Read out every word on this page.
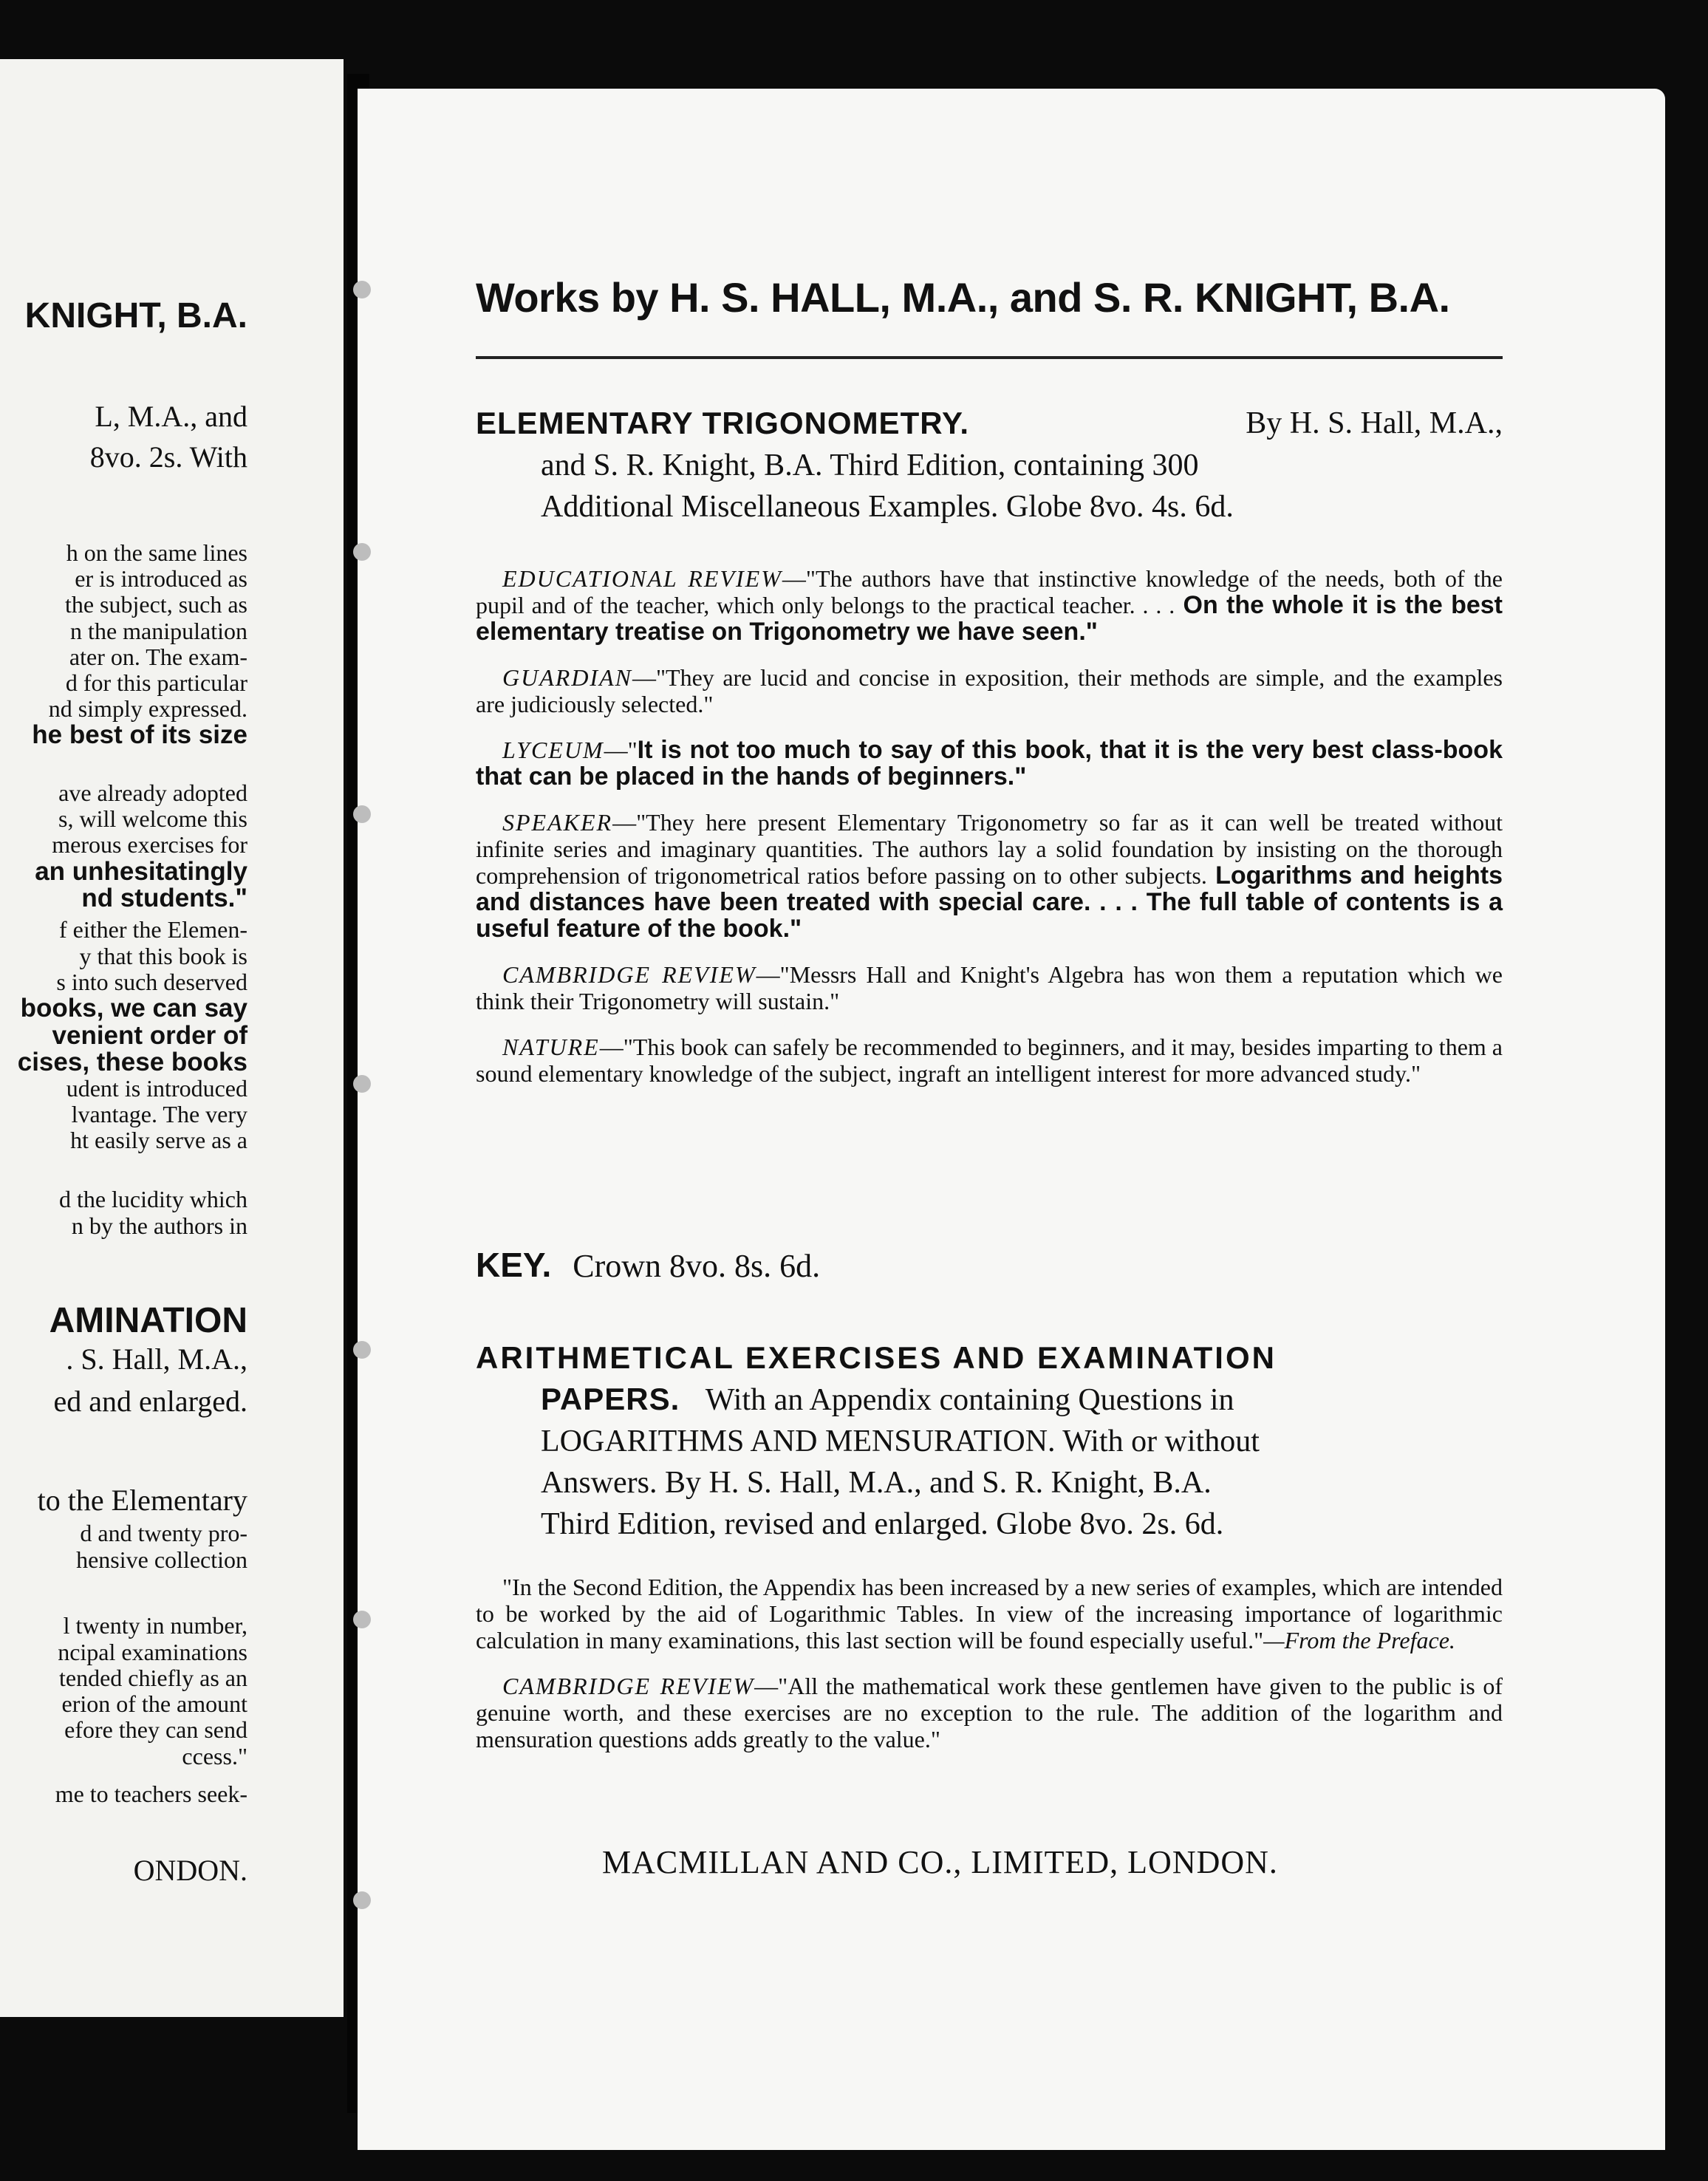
KNIGHT, B.A.
L, M.A., and
8vo. 2s. With
h on the same lines
er is introduced as
the subject, such as
n the manipulation
ater on. The exam-
d for this particular
nd simply expressed.
he best of its size
ave already adopted
s, will welcome this
merous exercises for
an unhesitatingly
nd students."
f either the Elemen-
y that this book is
s into such deserved
books, we can say
venient order of
cises, these books
udent is introduced
lvantage. The very
ht easily serve as a
d the lucidity which
n by the authors in
AMINATION
. S. Hall, M.A.,
ed and enlarged.
to the Elementary
d and twenty pro-
hensive collection
l twenty in number,
ncipal examinations
tended chiefly as an
erion of the amount
efore they can send
ccess."
me to teachers seek-
ONDON.
Works by H. S. HALL, M.A., and S. R. KNIGHT, B.A.
ELEMENTARY TRIGONOMETRY.	By H. S. Hall, M.A.,
and S. R. Knight, B.A. Third Edition, containing 300
Additional Miscellaneous Examples. Globe 8vo. 4s. 6d.
EDUCATIONAL REVIEW—"The authors have that instinctive knowledge of the needs, both of the pupil and of the teacher, which only belongs to the practical teacher. . . . On the whole it is the best elementary treatise on Trigonometry we have seen."
GUARDIAN—"They are lucid and concise in exposition, their methods are simple, and the examples are judiciously selected."
LYCEUM—"It is not too much to say of this book, that it is the very best class-book that can be placed in the hands of beginners."
SPEAKER—"They here present Elementary Trigonometry so far as it can well be treated without infinite series and imaginary quantities. The authors lay a solid foundation by insisting on the thorough comprehension of trigonometrical ratios before passing on to other subjects. Logarithms and heights and distances have been treated with special care. . . . The full table of contents is a useful feature of the book."
CAMBRIDGE REVIEW—"Messrs Hall and Knight's Algebra has won them a reputation which we think their Trigonometry will sustain."
NATURE—"This book can safely be recommended to beginners, and it may, besides imparting to them a sound elementary knowledge of the subject, ingraft an intelligent interest for more advanced study."
KEY. Crown 8vo. 8s. 6d.
ARITHMETICAL EXERCISES AND EXAMINATION
PAPERS. With an Appendix containing Questions in
LOGARITHMS AND MENSURATION. With or without
Answers. By H. S. Hall, M.A., and S. R. Knight, B.A.
Third Edition, revised and enlarged. Globe 8vo. 2s. 6d.
"In the Second Edition, the Appendix has been increased by a new series of examples, which are intended to be worked by the aid of Logarithmic Tables. In view of the increasing importance of logarithmic calculation in many examinations, this last section will be found especially useful."—From the Preface.
CAMBRIDGE REVIEW—"All the mathematical work these gentlemen have given to the public is of genuine worth, and these exercises are no exception to the rule. The addition of the logarithm and mensuration questions adds greatly to the value."
MACMILLAN AND CO., LIMITED, LONDON.
